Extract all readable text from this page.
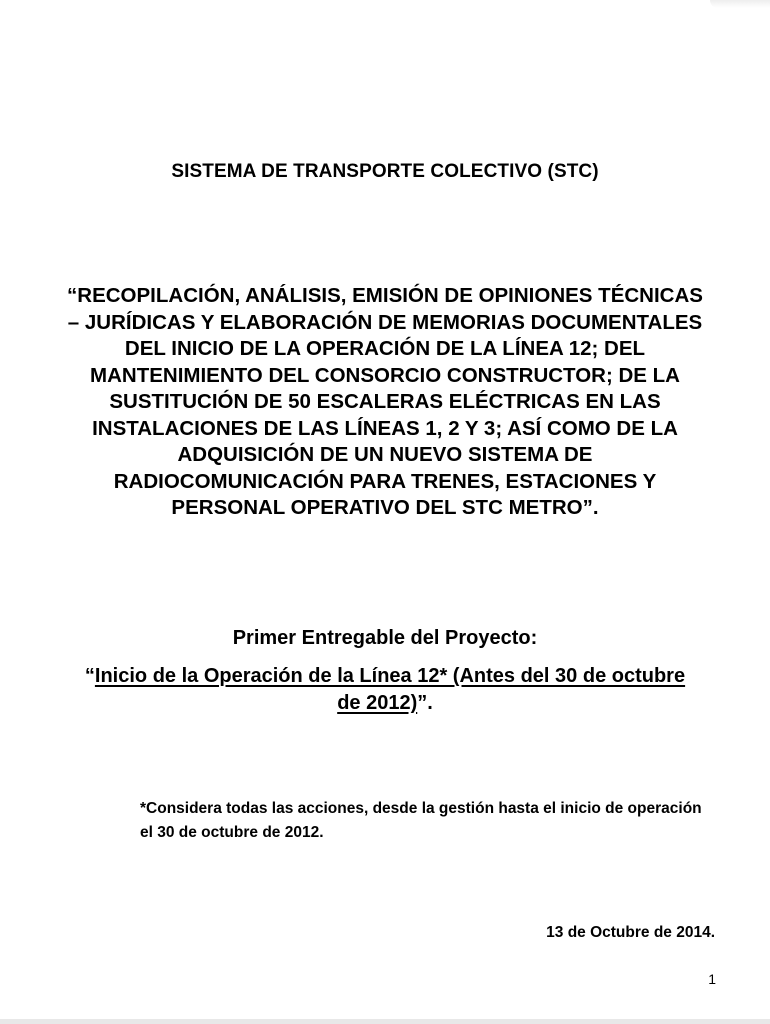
SISTEMA DE TRANSPORTE COLECTIVO (STC)

“RECOPILACIÓN, ANÁLISIS, EMISIÓN DE OPINIONES TÉCNICAS – JURÍDICAS Y ELABORACIÓN DE MEMORIAS DOCUMENTALES DEL INICIO DE LA OPERACIÓN DE LA LÍNEA 12; DEL MANTENIMIENTO DEL CONSORCIO CONSTRUCTOR; DE LA SUSTITUCIÓN DE 50 ESCALERAS ELÉCTRICAS EN LAS INSTALACIONES DE LAS LÍNEAS 1, 2 Y 3; ASÍ COMO DE LA ADQUISICIÓN DE UN NUEVO SISTEMA DE RADIOCOMUNICACIÓN PARA TRENES, ESTACIONES Y PERSONAL OPERATIVO DEL STC METRO”.

Primer Entregable del Proyecto:

“Inicio de la Operación de la Línea 12* (Antes del 30 de octubre de 2012)”.

*Considera todas las acciones, desde la gestión hasta el inicio de operación el 30 de octubre de 2012.

13 de Octubre de 2014.
1
